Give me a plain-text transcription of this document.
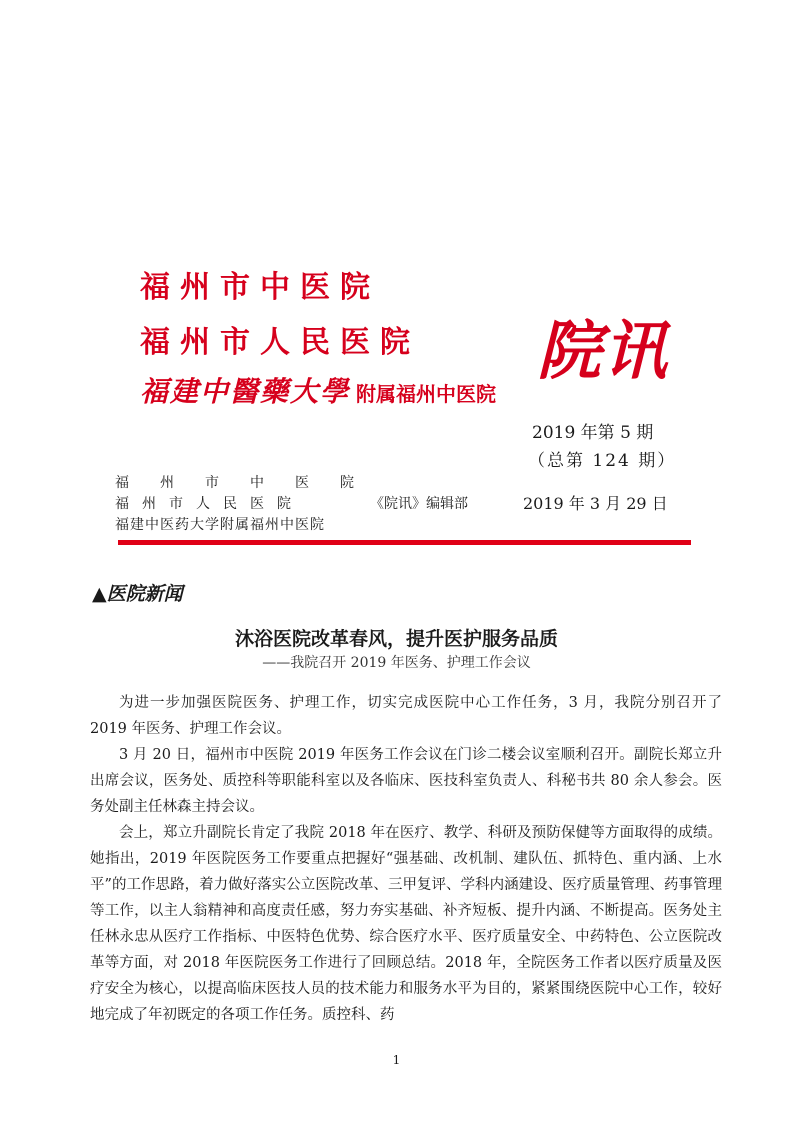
福州市中医院
福州市人民医院
福建中醫藥大學 附属福州中医院
院讯
2019 年第 5 期
（总第 124 期）
福州市中医院
福州市人民医院
福建中医药大学附属福州中医院
《院讯》编辑部	2019 年 3 月 29 日
▲医院新闻
沐浴医院改革春风，提升医护服务品质
——我院召开 2019 年医务、护理工作会议

为进一步加强医院医务、护理工作，切实完成医院中心工作任务，3 月，我院分别召开了 2019 年医务、护理工作会议。

3 月 20 日，福州市中医院 2019 年医务工作会议在门诊二楼会议室顺利召开。副院长郑立升出席会议，医务处、质控科等职能科室以及各临床、医技科室负责人、科秘书共 80 余人参会。医务处副主任林森主持会议。

会上，郑立升副院长肯定了我院 2018 年在医疗、教学、科研及预防保健等方面取得的成绩。她指出，2019 年医院医务工作要重点把握好“强基础、改机制、建队伍、抓特色、重内涵、上水平”的工作思路，着力做好落实公立医院改革、三甲复评、学科内涵建设、医疗质量管理、药事管理等工作，以主人翁精神和高度责任感，努力夯实基础、补齐短板、提升内涵、不断提高。医务处主任林永忠从医疗工作指标、中医特色优势、综合医疗水平、医疗质量安全、中药特色、公立医院改革等方面，对 2018 年医院医务工作进行了回顾总结。2018 年，全院医务工作者以医疗质量及医疗安全为核心，以提高临床医技人员的技术能力和服务水平为目的，紧紧围绕医院中心工作，较好地完成了年初既定的各项工作任务。质控科、药

1
